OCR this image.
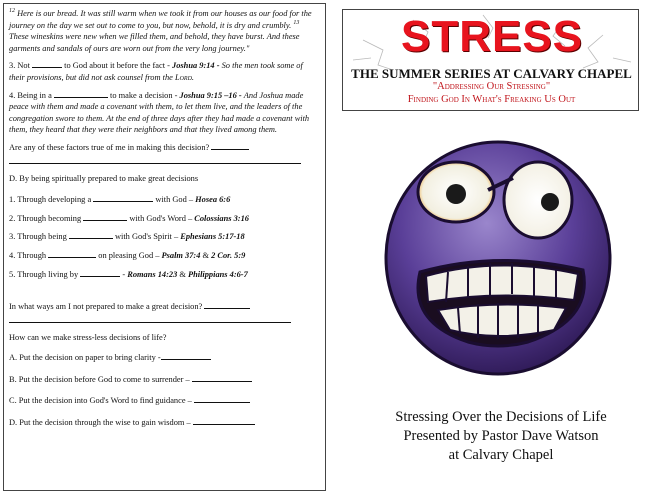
$^{12}$ Here is our bread. It was still warm when we took it from our houses as our food for the journey on the day we set out to come to you, but now, behold, it is dry and crumbly. $^{13}$ These wineskins were new when we filled them, and behold, they have burst. And these garments and sandals of ours are worn out from the very long journey."

3. Not	to God about it before the fact - Joshua 9:14 - So the men took some of their provisions, but did not ask counsel from the Lord.

4. Being in a	to make a decision - Joshua 9:15 –16 - And Joshua made peace with them and made a covenant with them, to let them live, and the leaders of the congregation swore to them. At the end of three days after they had made a covenant with them, they heard that they were their neighbors and that they lived among them.

Are any of these factors true of me in making this decision?

D. By being spiritually prepared to make great decisions

1. Through developing a	with God – Hosea 6:6

2. Through becoming	with God's Word – Colossians 3:16

3. Through being	with God's Spirit – Ephesians 5:17-18

4. Through	on pleasing God – Psalm 37:4 & 2 Cor. 5:9

5. Through living by	- Romans 14:23 & Philippians 4:6-7

In what ways am I not prepared to make a great decision?

How can we make stress-less decisions of life?

A. Put the decision on paper to bring clarity -

B. Put the decision before God to come to surrender –

C. Put the decision into God's Word to find guidance –

D. Put the decision through the wise to gain wisdom –

STRESS
THE SUMMER SERIES AT CALVARY CHAPEL
"Addressing Our Stressing"
Finding God In What's Freaking Us Out
Stressing Over the Decisions of Life
Presented by Pastor Dave Watson
at Calvary Chapel
